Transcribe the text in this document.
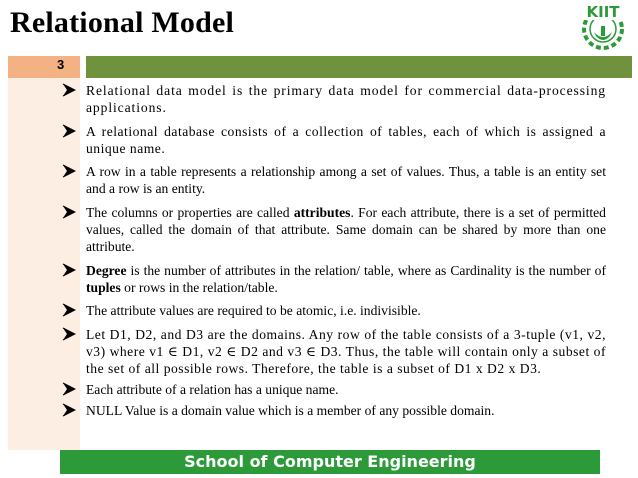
Relational Model	KIIT
3
Relational data model is the primary data model for commercial data-processing applications.
A relational database consists of a collection of tables, each of which is assigned a unique name.
A row in a table represents a relationship among a set of values. Thus, a table is an entity set and a row is an entity.
The columns or properties are called attributes. For each attribute, there is a set of permitted values, called the domain of that attribute. Same domain can be shared by more than one attribute.
Degree is the number of attributes in the relation/ table, where as Cardinality is the number of tuples or rows in the relation/table.
The attribute values are required to be atomic, i.e. indivisible.
Let D1, D2, and D3 are the domains. Any row of the table consists of a 3-tuple (v1, v2, v3) where v1 ∈ D1, v2 ∈ D2 and v3 ∈ D3. Thus, the table will contain only a subset of the set of all possible rows. Therefore, the table is a subset of D1 x D2 x D3.
Each attribute of a relation has a unique name.
NULL Value is a domain value which is a member of any possible domain.
School of Computer Engineering
